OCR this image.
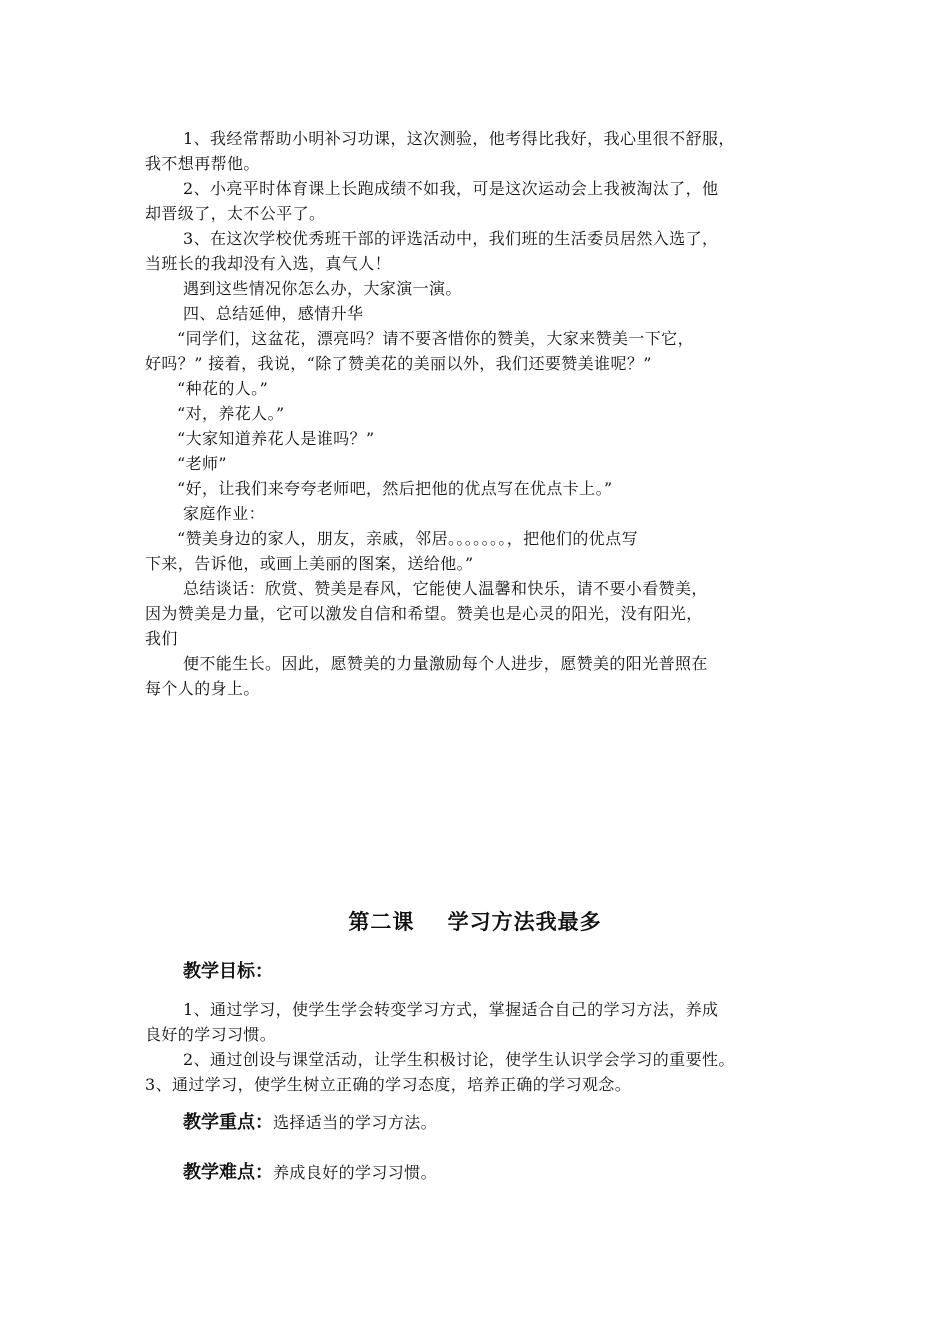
1、我经常帮助小明补习功课，这次测验，他考得比我好，我心里很不舒服，
我不想再帮他。
2、小亮平时体育课上长跑成绩不如我，可是这次运动会上我被淘汰了，他
却晋级了，太不公平了。
3、在这次学校优秀班干部的评选活动中，我们班的生活委员居然入选了，
当班长的我却没有入选，真气人！
遇到这些情况你怎么办，大家演一演。
四、总结延伸，感情升华
“同学们，这盆花，漂亮吗？请不要吝惜你的赞美，大家来赞美一下它，
好吗？” 接着，我说，“除了赞美花的美丽以外，我们还要赞美谁呢？”
“种花的人。”
“对，养花人。”
“大家知道养花人是谁吗？”
“老师”
“好，让我们来夸夸老师吧，然后把他的优点写在优点卡上。”
家庭作业：
“赞美身边的家人，朋友，亲戚，邻居。。。。。。。，把他们的优点写
下来，告诉他，或画上美丽的图案，送给他。”
总结谈话：欣赏、赞美是春风，它能使人温馨和快乐，请不要小看赞美，
因为赞美是力量，它可以激发自信和希望。赞美也是心灵的阳光，没有阳光，
我们
便不能生长。因此，愿赞美的力量激励每个人进步，愿赞美的阳光普照在
每个人的身上。
第二课    学习方法我最多
教学目标：
1、通过学习，使学生学会转变学习方式，掌握适合自己的学习方法，养成
良好的学习习惯。
2、通过创设与课堂活动，让学生积极讨论，使学生认识学会学习的重要性。
3、通过学习，使学生树立正确的学习态度，培养正确的学习观念。
教学重点：选择适当的学习方法。
教学难点：养成良好的学习习惯。
